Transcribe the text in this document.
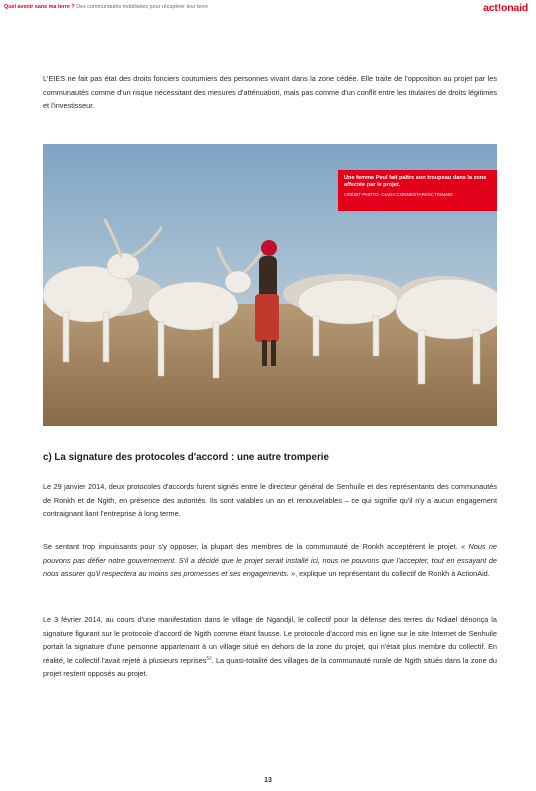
Quel avenir sans ma terre ? Des communautés mobilisées pour récupérer leur terre	act!onaid

L'EIES ne fait pas état des droits fonciers coutumiers des personnes vivant dans la zone cédée. Elle traite de l'opposition au projet par les communautés comme d'un risque nécessitant des mesures d'atténuation, mais pas comme d'un conflit entre les titulaires de droits légitimes et l'investisseur.

Une femme Peul fait paître son troupeau dans la zone affectée par le projet.
CRÉDIT PHOTO: GIADA CONNESTARI/ACTIONAID
c) La signature des protocoles d'accord : une autre tromperie

Le 29 janvier 2014, deux protocoles d'accords furent signés entre le directeur général de Senhuile et des représentants des communautés de Ronkh et de Ngith, en présence des autorités. Ils sont valables un an et renouvelables – ce qui signifie qu'il n'y a aucun engagement contraignant liant l'entreprise à long terme.

Se sentant trop impuissants pour s'y opposer, la plupart des membres de la communauté de Ronkh acceptèrent le projet. « Nous ne pouvons pas défier notre gouvernement. S'il a décidé que le projet serait installé ici, nous ne pouvons que l'accepter, tout en essayant de nous assurer qu'il respectera au moins ses promesses et ses engagements. », explique un représentant du collectif de Ronkh à ActionAid.

Le 3 février 2014, au cours d'une manifestation dans le village de Ngandjil, le collectif pour la défense des terres du Ndiael dénonça la signature figurant sur le protocole d'accord de Ngith comme étant fausse. Le protocole d'accord mis en ligne sur le site Internet de Senhuile portait la signature d'une personne appartenant à un village situé en dehors de la zone du projet, qui n'était plus membre du collectif. En réalité, le collectif l'avait rejeté à plusieurs reprises$^{52}$. La quasi-totalité des villages de la communauté rurale de Ngith situés dans la zone du projet restent opposés au projet.

13
